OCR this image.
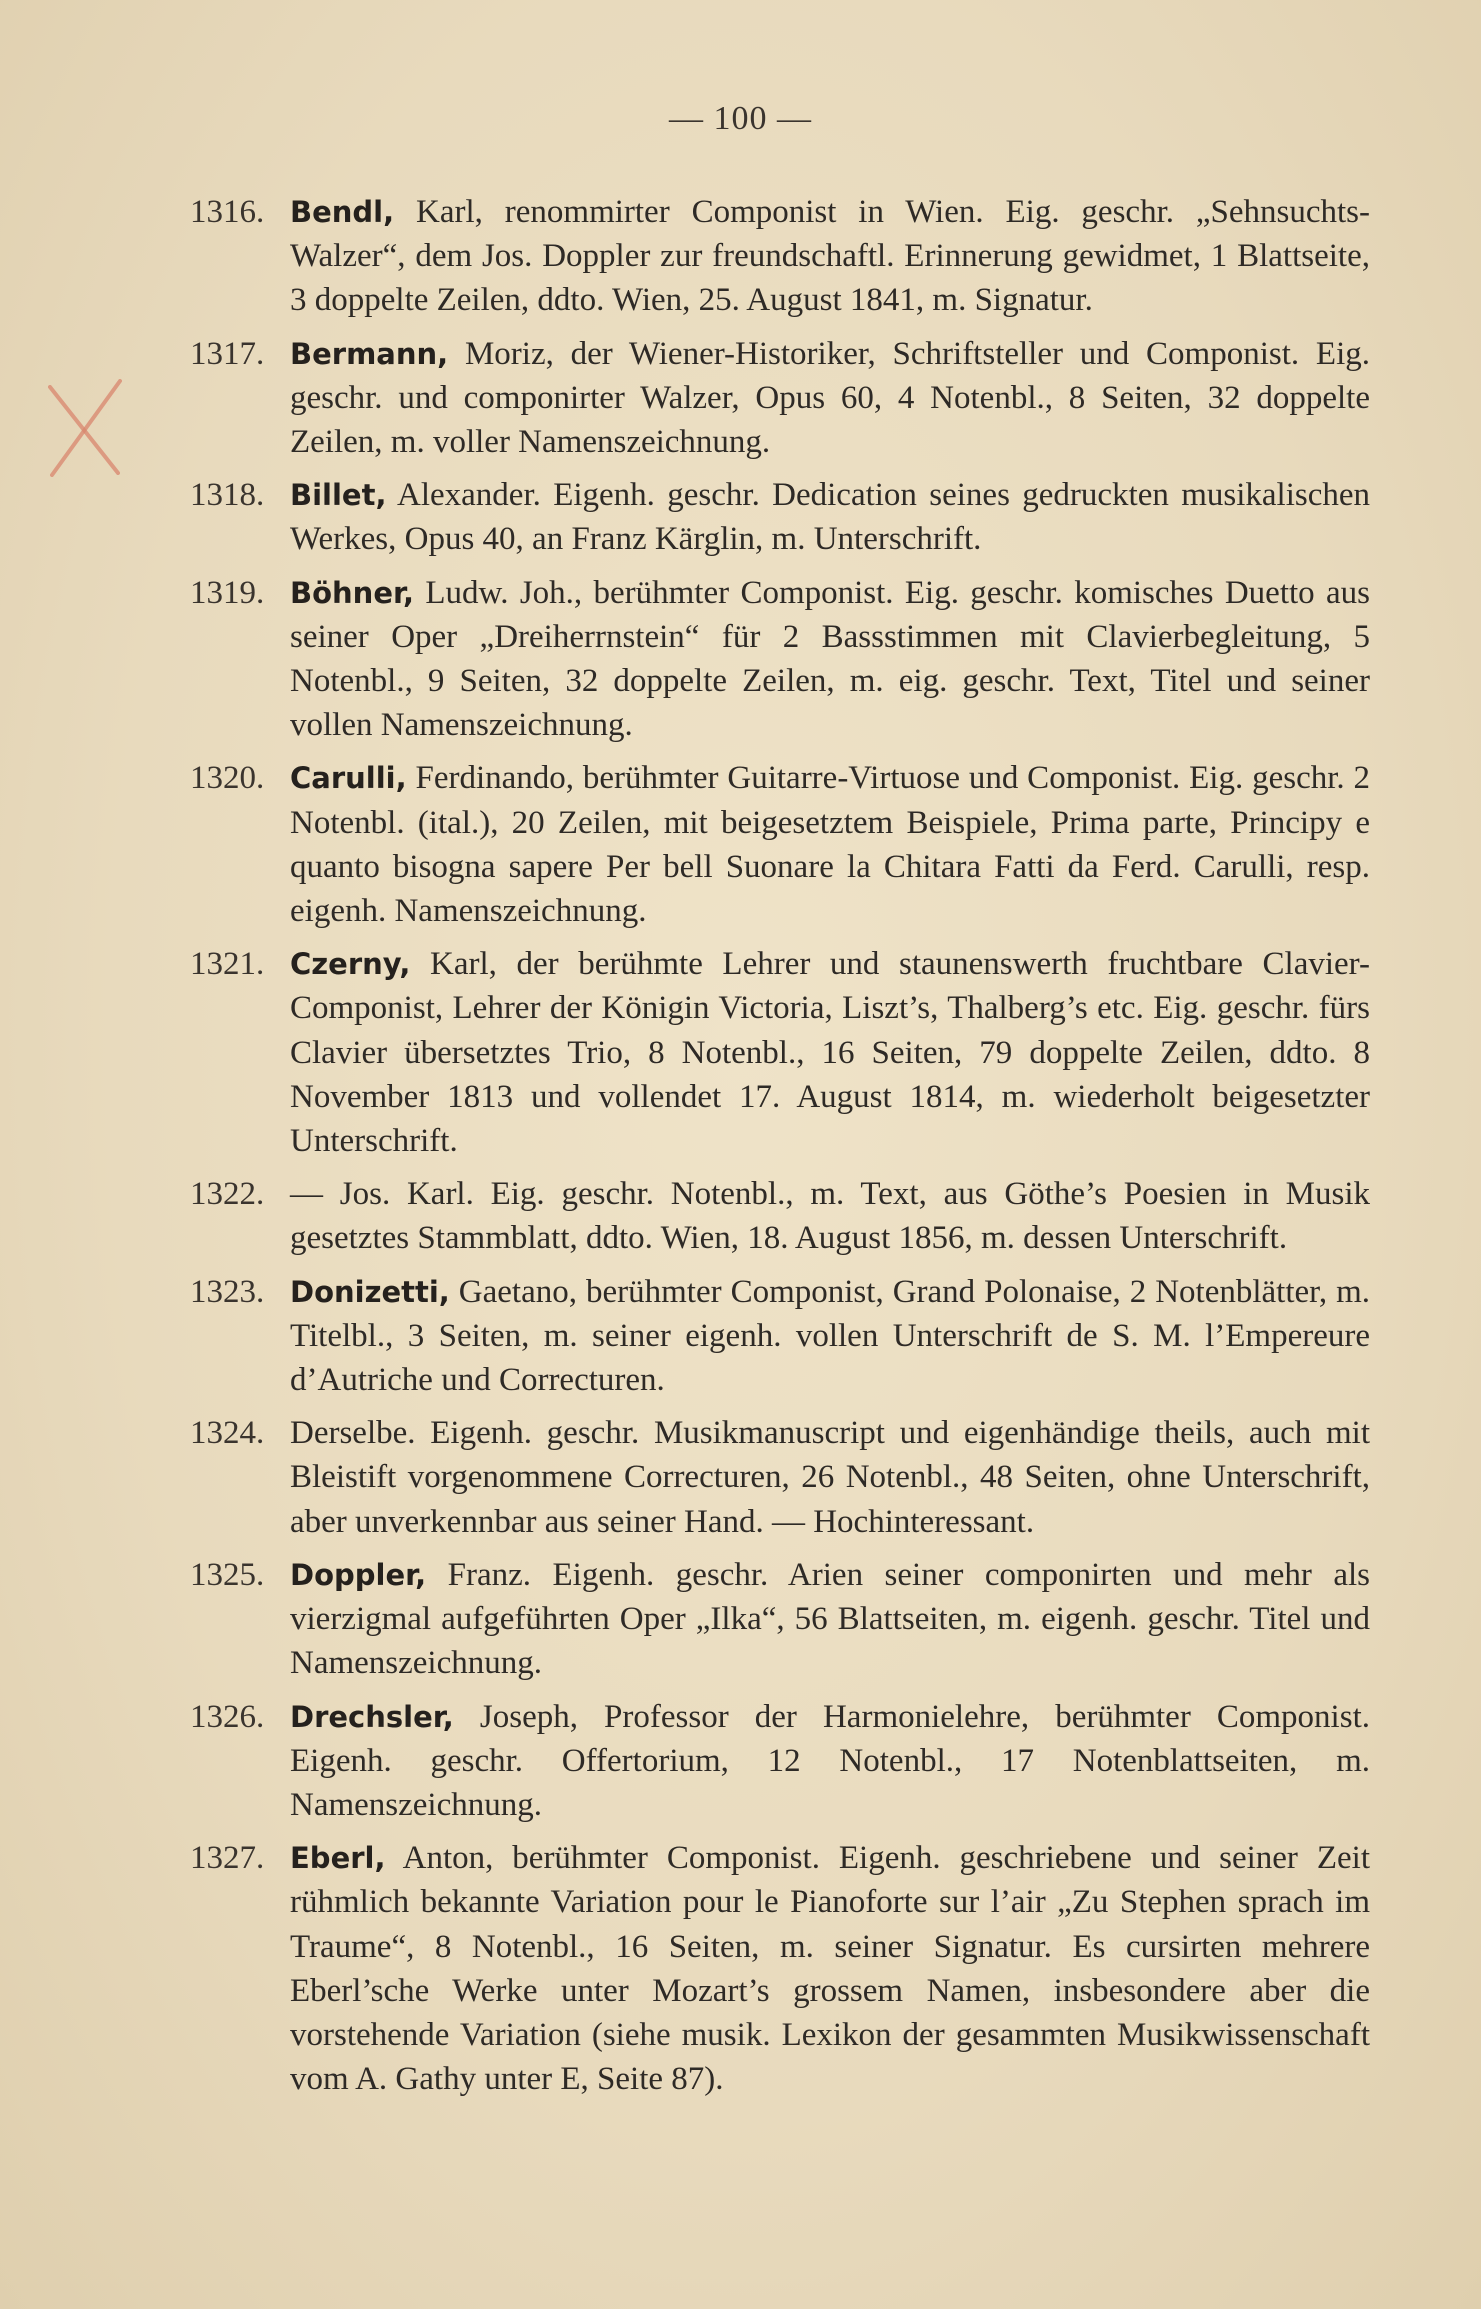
— 100 —
1316. Bendl, Karl, renommirter Componist in Wien. Eig. geschr. „Sehnsuchts-Walzer“, dem Jos. Doppler zur freundschaftl. Erinnerung gewidmet, 1 Blattseite, 3 doppelte Zeilen, ddto. Wien, 25. August 1841, m. Signatur.
1317. Bermann, Moriz, der Wiener-Historiker, Schriftsteller und Componist. Eig. geschr. und componirter Walzer, Opus 60, 4 Notenbl., 8 Seiten, 32 doppelte Zeilen, m. voller Namenszeichnung.
1318. Billet, Alexander. Eigenh. geschr. Dedication seines gedruckten musikalischen Werkes, Opus 40, an Franz Kärglin, m. Unterschrift.
1319. Böhner, Ludw. Joh., berühmter Componist. Eig. geschr. komisches Duetto aus seiner Oper „Dreiherrnstein“ für 2 Bassstimmen mit Clavierbegleitung, 5 Notenbl., 9 Seiten, 32 doppelte Zeilen, m. eig. geschr. Text, Titel und seiner vollen Namenszeichnung.
1320. Carulli, Ferdinando, berühmter Guitarre-Virtuose und Componist. Eig. geschr. 2 Notenbl. (ital.), 20 Zeilen, mit beigesetztem Beispiele, Prima parte, Principy e quanto bisogna sapere Per bell Suonare la Chitara Fatti da Ferd. Carulli, resp. eigenh. Namenszeichnung.
1321. Czerny, Karl, der berühmte Lehrer und staunenswerth fruchtbare Clavier-Componist, Lehrer der Königin Victoria, Liszt’s, Thalberg’s etc. Eig. geschr. fürs Clavier übersetztes Trio, 8 Notenbl., 16 Seiten, 79 doppelte Zeilen, ddto. 8 November 1813 und vollendet 17. August 1814, m. wiederholt beigesetzter Unterschrift.
1322. — Jos. Karl. Eig. geschr. Notenbl., m. Text, aus Göthe’s Poesien in Musik gesetztes Stammblatt, ddto. Wien, 18. August 1856, m. dessen Unterschrift.
1323. Donizetti, Gaetano, berühmter Componist, Grand Polonaise, 2 Notenblätter, m. Titelbl., 3 Seiten, m. seiner eigenh. vollen Unterschrift de S. M. l’Empereure d’Autriche und Correcturen.
1324. Derselbe. Eigenh. geschr. Musikmanuscript und eigenhändige theils, auch mit Bleistift vorgenommene Correcturen, 26 Notenbl., 48 Seiten, ohne Unterschrift, aber unverkennbar aus seiner Hand. — Hochinteressant.
1325. Doppler, Franz. Eigenh. geschr. Arien seiner componirten und mehr als vierzigmal aufgeführten Oper „Ilka“, 56 Blattseiten, m. eigenh. geschr. Titel und Namenszeichnung.
1326. Drechsler, Joseph, Professor der Harmonielehre, berühmter Componist. Eigenh. geschr. Offertorium, 12 Notenbl., 17 Notenblattseiten, m. Namenszeichnung.
1327. Eberl, Anton, berühmter Componist. Eigenh. geschriebene und seiner Zeit rühmlich bekannte Variation pour le Pianoforte sur l’air „Zu Stephen sprach im Traume“, 8 Notenbl., 16 Seiten, m. seiner Signatur. Es cursirten mehrere Eberl’sche Werke unter Mozart’s grossem Namen, insbesondere aber die vorstehende Variation (siehe musik. Lexikon der gesammten Musikwissenschaft vom A. Gathy unter E, Seite 87).
